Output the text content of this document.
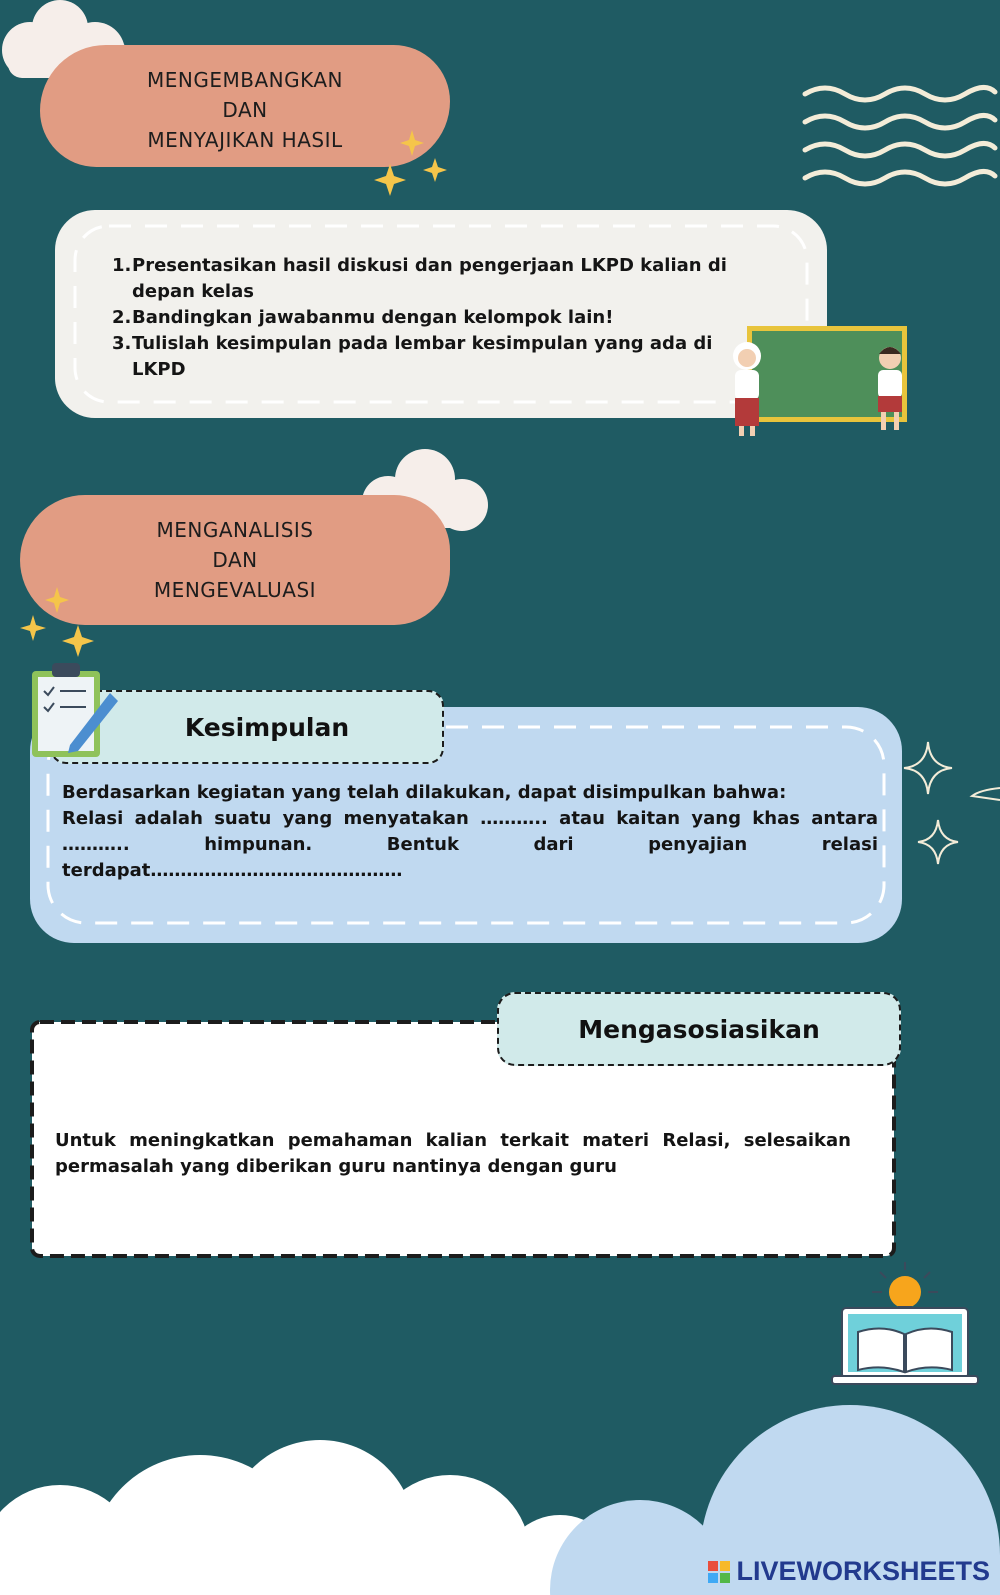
MENGEMBANGKAN
DAN
MENYAJIKAN HASIL
1. Presentasikan hasil diskusi dan pengerjaan LKPD kalian di depan kelas
2. Bandingkan jawabanmu dengan kelompok lain!
3. Tulislah kesimpulan pada lembar kesimpulan yang ada di LKPD
MENGANALISIS
DAN
MENGEVALUASI
Kesimpulan
Berdasarkan kegiatan yang telah dilakukan, dapat disimpulkan bahwa:
Relasi adalah suatu yang menyatakan ……….. atau kaitan yang khas antara ……….. himpunan. Bentuk dari penyajian relasi terdapat……………………………………
Mengasosiasikan
Untuk meningkatkan pemahaman kalian terkait materi Relasi, selesaikan permasalah yang diberikan guru nantinya dengan guru
LIVEWORKSHEETS
